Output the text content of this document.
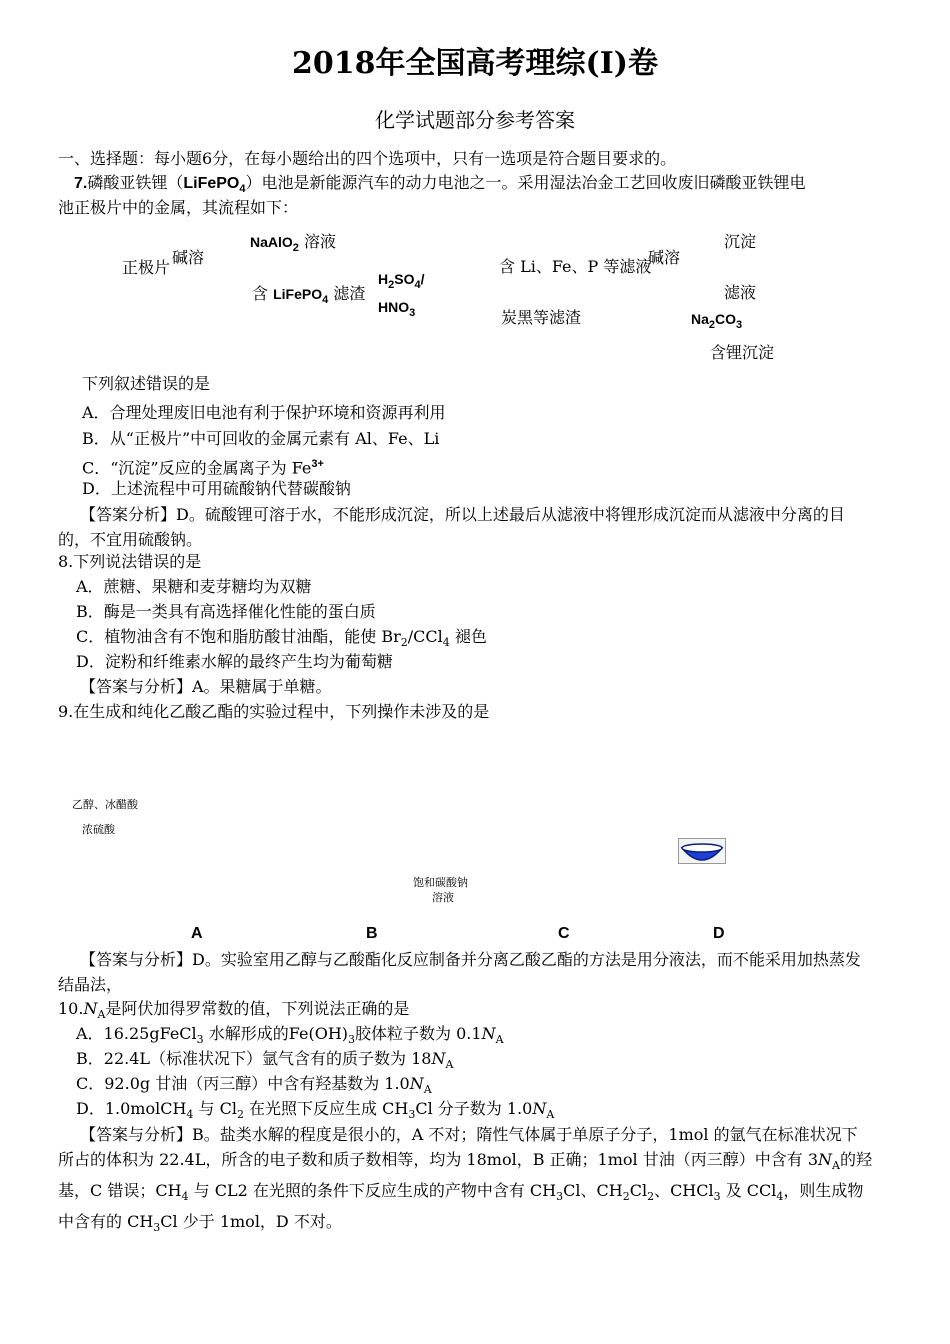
2018年全国高考理综(Ⅰ)卷
化学试题部分参考答案
一、选择题：每小题6分，在每小题给出的四个选项中，只有一选项是符合题目要求的。
7.磷酸亚铁锂（LiFePO$_4$）电池是新能源汽车的动力电池之一。采用湿法冶金工艺回收废旧磷酸亚铁锂电
池正极片中的金属，其流程如下：
正极片
碱溶
NaAlO$_2$ 溶液
含 LiFePO$_4$ 滤渣
$H_2SO_4/$
$HNO_3$
含 Li、Fe、P 等滤液
碱溶
炭黑等滤渣
沉淀
滤液
$Na_2CO_3$
含锂沉淀
下列叙述错误的是
A．合理处理废旧电池有利于保护环境和资源再利用
B．从“正极片”中可回收的金属元素有 Al、Fe、Li
C．“沉淀”反应的金属离子为 $Fe^{3+}$
D．上述流程中可用硫酸钠代替碳酸钠
【答案分析】D。硫酸锂可溶于水，不能形成沉淀，所以上述最后从滤液中将锂形成沉淀而从滤液中分离的目的，不宜用硫酸钠。
8.下列说法错误的是
A．蔗糖、果糖和麦芽糖均为双糖
B．酶是一类具有高选择催化性能的蛋白质
C．植物油含有不饱和脂肪酸甘油酯，能使 $Br_2/CCl_4$ 褪色
D．淀粉和纤维素水解的最终产生均为葡萄糖
【答案与分析】A。果糖属于单糖。
9.在生成和纯化乙酸乙酯的实验过程中，下列操作未涉及的是
乙醇、冰醋酸
浓硫酸
饱和碳酸钠
溶液
A	B	C	D
【答案与分析】D。实验室用乙醇与乙酸酯化反应制备并分离乙酸乙酯的方法是用分液法，而不能采用加热蒸发结晶法，
$10.N_A$是阿伏加得罗常数的值，下列说法正确的是
A．16.25gFeCl$_3$ 水解形成的$Fe(OH)_3$胶体粒子数为 $0.1N_A$
B．22.4L（标准状况下）氩气含有的质子数为 $18N_A$
C．92.0g 甘油（丙三醇）中含有羟基数为 $1.0N_A$
D．1.0molCH$_4$ 与 $Cl_2$ 在光照下反应生成 $CH_3Cl$ 分子数为 $1.0N_A$
【答案与分析】B。盐类水解的程度是很小的，A 不对；隋性气体属于单原子分子，1mol 的氩气在标准状况下所占的体积为 22.4L，所含的电子数和质子数相等，均为 18mol，B 正确；1mol 甘油（丙三醇）中含有 $3N_A$的羟基，C 错误；$CH_4$ 与 CL2 在光照的条件下反应生成的产物中含有 $CH_3Cl$、$CH_2Cl_2$、CHCl$_3$ 及 CCl$_4$，则生成物中含有的 $CH_3Cl$ 少于 1mol，D 不对。
